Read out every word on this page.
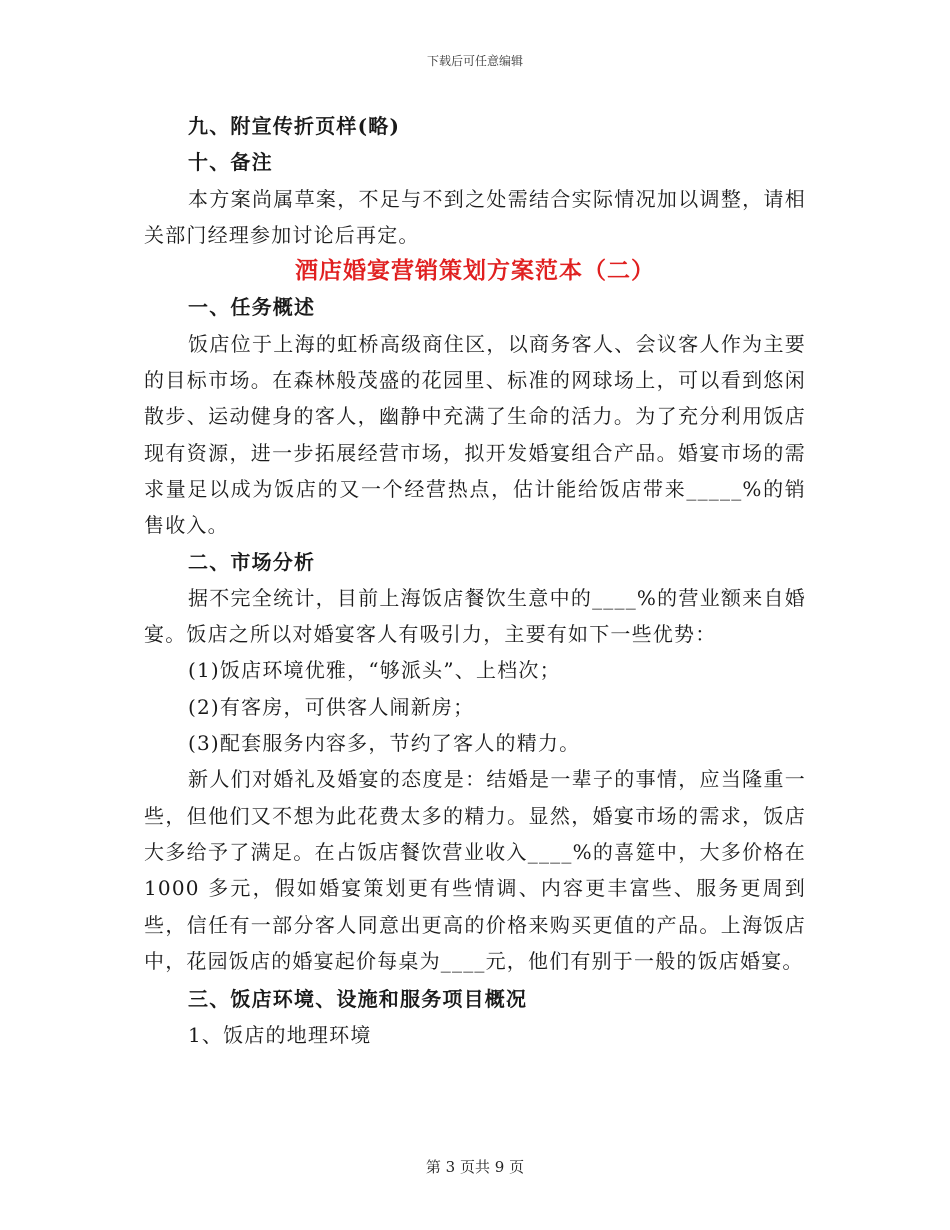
下载后可任意编辑

九、附宣传折页样(略)

十、备注

本方案尚属草案，不足与不到之处需结合实际情况加以调整，请相关部门经理参加讨论后再定。

酒店婚宴营销策划方案范本（二）

一、任务概述

饭店位于上海的虹桥高级商住区，以商务客人、会议客人作为主要的目标市场。在森林般茂盛的花园里、标准的网球场上，可以看到悠闲散步、运动健身的客人，幽静中充满了生命的活力。为了充分利用饭店现有资源，进一步拓展经营市场，拟开发婚宴组合产品。婚宴市场的需求量足以成为饭店的又一个经营热点，估计能给饭店带来_____%的销售收入。

二、市场分析

据不完全统计，目前上海饭店餐饮生意中的____%的营业额来自婚宴。饭店之所以对婚宴客人有吸引力，主要有如下一些优势：

(1)饭店环境优雅，“够派头”、上档次；

(2)有客房，可供客人闹新房；

(3)配套服务内容多，节约了客人的精力。

新人们对婚礼及婚宴的态度是：结婚是一辈子的事情，应当隆重一些，但他们又不想为此花费太多的精力。显然，婚宴市场的需求，饭店大多给予了满足。在占饭店餐饮营业收入____%的喜筵中，大多价格在 1000 多元，假如婚宴策划更有些情调、内容更丰富些、服务更周到些，信任有一部分客人同意出更高的价格来购买更值的产品。上海饭店中，花园饭店的婚宴起价每桌为____元，他们有别于一般的饭店婚宴。

三、饭店环境、设施和服务项目概况

1、饭店的地理环境

第 3 页共 9 页
